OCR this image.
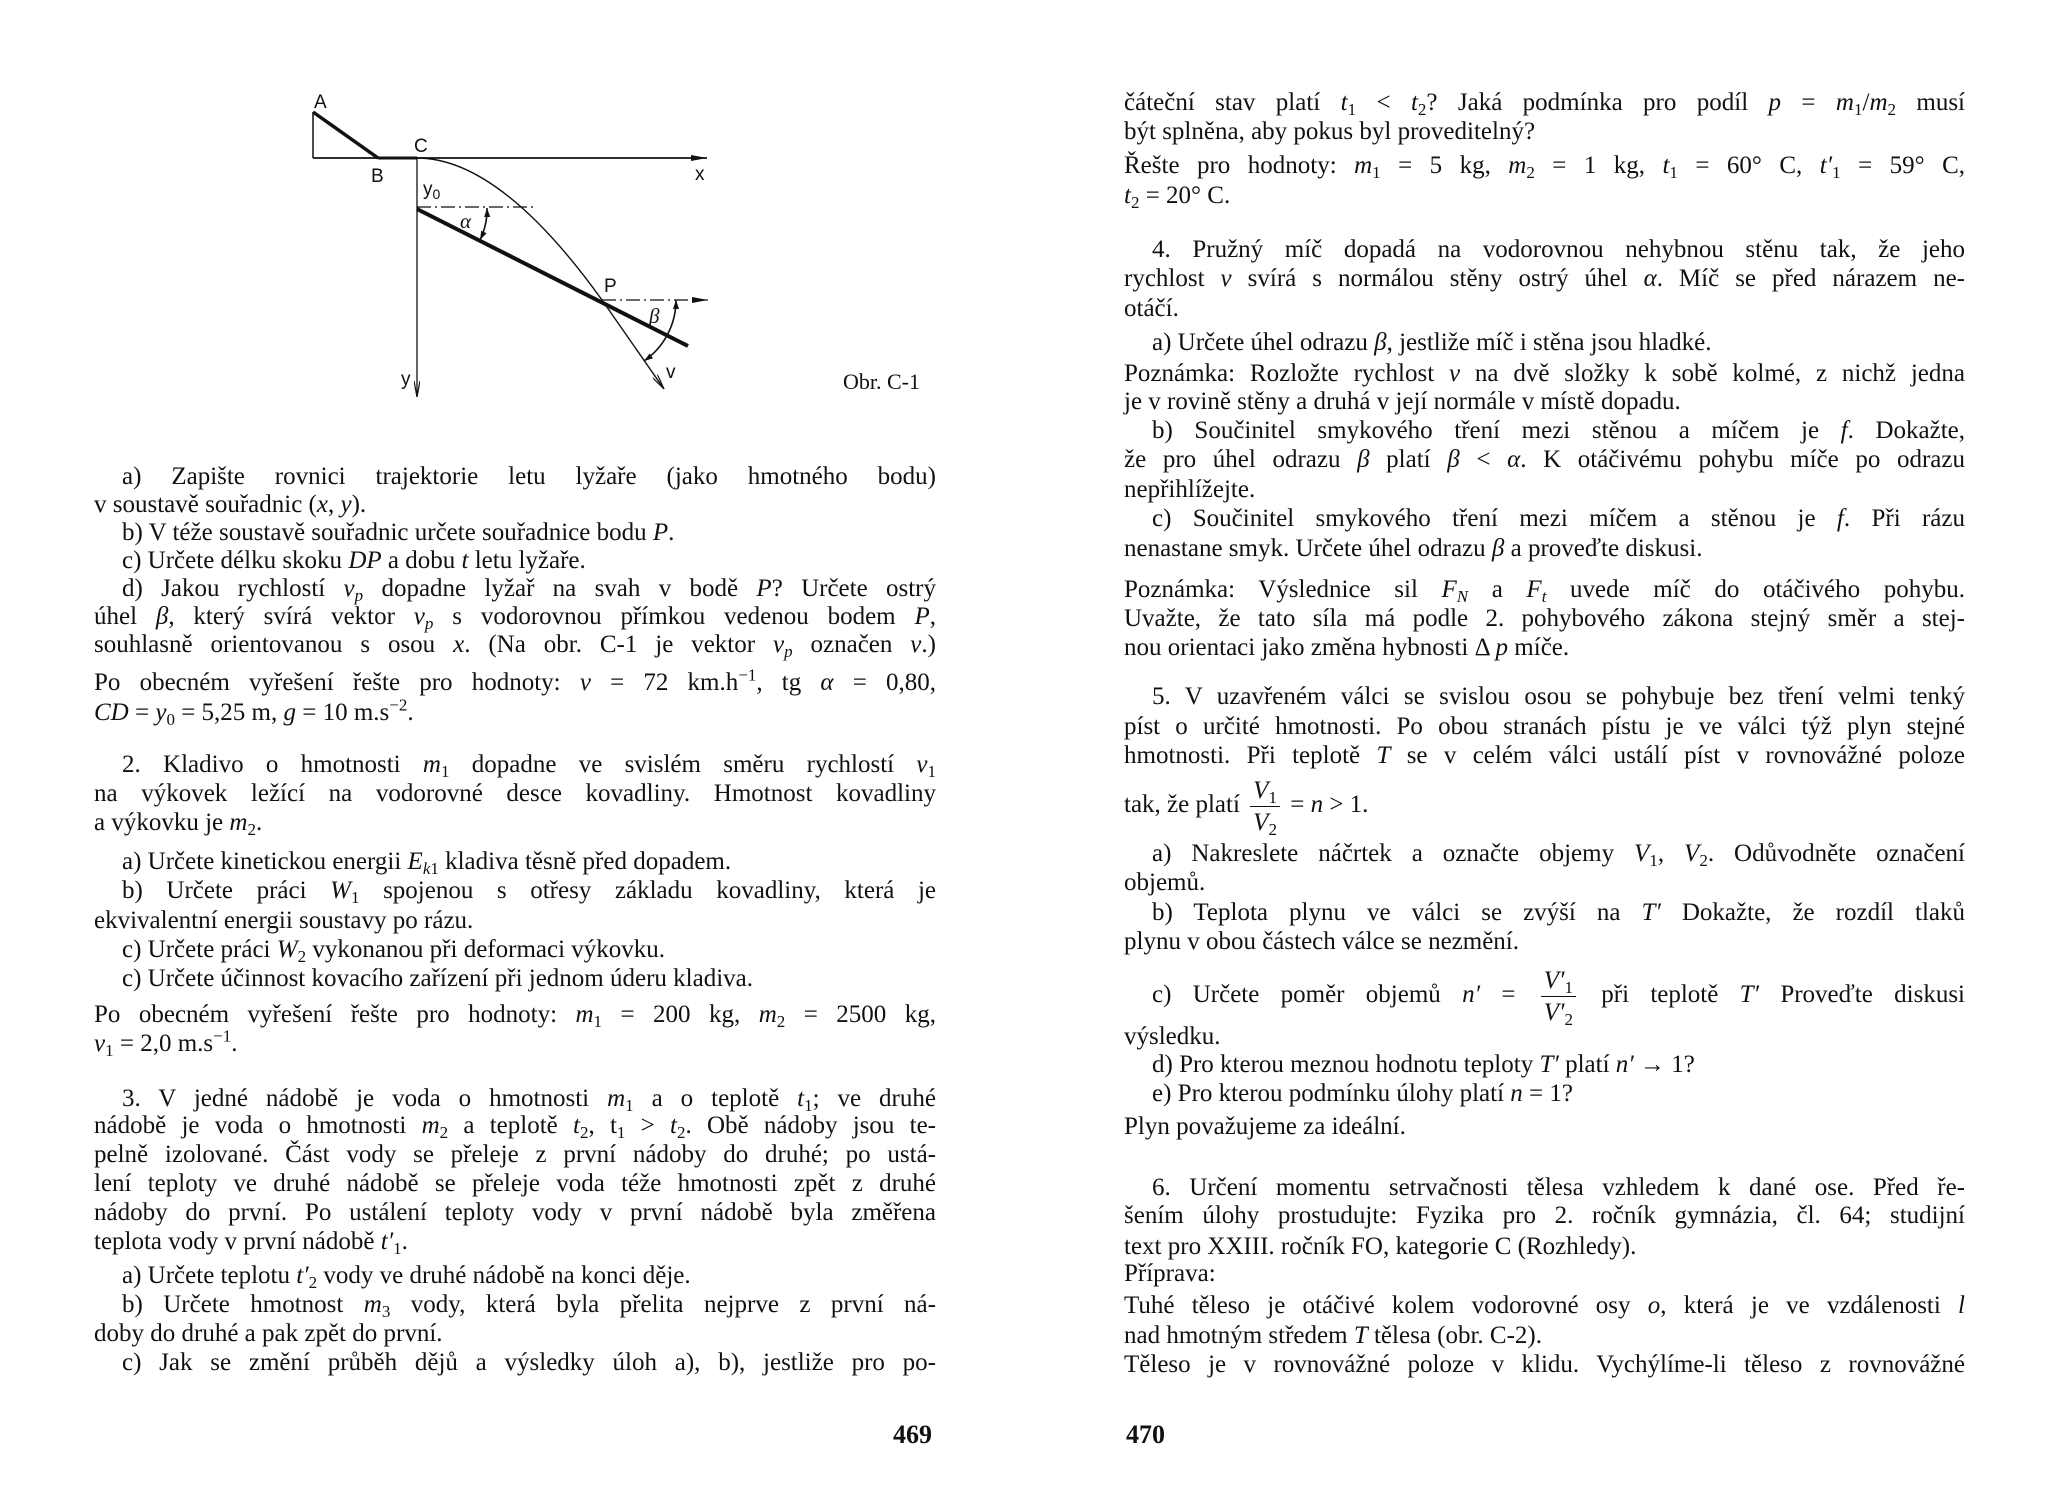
A
B
C
x
y
$y_0$
P
v
α
β
Obr. C-1
a) Zapište rovnici trajektorie letu lyžaře (jako hmotného bodu)
v soustavě souřadnic (x, y).
b) V téže soustavě souřadnic určete souřadnice bodu P.
c) Určete délku skoku DP a dobu t letu lyžaře.
d) Jakou rychlostí $v_p$ dopadne lyžař na svah v bodě P? Určete ostrý
úhel β, který svírá vektor $v_p$ s vodorovnou přímkou vedenou bodem P,
souhlasně orientovanou s osou x. (Na obr. C-1 je vektor $v_p$ označen v.)
Po obecném vyřešení řešte pro hodnoty: v = 72 $km.h^{-1}$, tg α = 0,80,
CD = $y_0 = 5,25$ m, g = 10 $m.s^{-2}$.
2. Kladivo o hmotnosti $m_1$ dopadne ve svislém směru rychlostí $v_1$
na výkovek ležící na vodorovné desce kovadliny. Hmotnost kovadliny
a výkovku je $m_2$.
a) Určete kinetickou energii $E_{k1}$ kladiva těsně před dopadem.
b) Určete práci $W_1$ spojenou s otřesy základu kovadliny, která je
ekvivalentní energii soustavy po rázu.
c) Určete práci $W_2$ vykonanou při deformaci výkovku.
c) Určete účinnost kovacího zařízení při jednom úderu kladiva.
Po obecném vyřešení řešte pro hodnoty: $m_1 = 200$ kg, $m_2 = 2500$ kg,
$v_1 = 2,0$ $m.s^{-1}$.
3. V jedné nádobě je voda o hmotnosti $m_1$ a o teplotě $t_1$; ve druhé
nádobě je voda o hmotnosti $m_2$ a teplotě $t_2$, $t_1 > t_2$. Obě nádoby jsou te-
pelně izolované. Část vody se přeleje z první nádoby do druhé; po ustá-
lení teploty ve druhé nádobě se přeleje voda téže hmotnosti zpět z druhé
nádoby do první. Po ustálení teploty vody v první nádobě byla změřena
teplota vody v první nádobě $t'_1$.
a) Určete teplotu $t'_2$ vody ve druhé nádobě na konci děje.
b) Určete hmotnost $m_3$ vody, která byla přelita nejprve z první ná-
doby do druhé a pak zpět do první.
c) Jak se změní průběh dějů a výsledky úloh a), b), jestliže pro po-
469
čáteční stav platí $t_1 < t_2$? Jaká podmínka pro podíl $p = m_1/m_2$ musí
být splněna, aby pokus byl proveditelný?
Řešte pro hodnoty: $m_1 = 5$ kg, $m_2 = 1$ kg, $t_1 = 60^\circ$ C, $t'_1 = 59^\circ$ C,
$t_2 = 20^\circ$ C.
4. Pružný míč dopadá na vodorovnou nehybnou stěnu tak, že jeho
rychlost v svírá s normálou stěny ostrý úhel α. Míč se před nárazem ne-
otáčí.
a) Určete úhel odrazu β, jestliže míč i stěna jsou hladké.
Poznámka: Rozložte rychlost v na dvě složky k sobě kolmé, z nichž jedna
je v rovině stěny a druhá v její normále v místě dopadu.
b) Součinitel smykového tření mezi stěnou a míčem je f. Dokažte,
že pro úhel odrazu β platí β < α. K otáčivému pohybu míče po odrazu
nepřihlížejte.
c) Součinitel smykového tření mezi míčem a stěnou je f. Při rázu
nenastane smyk. Určete úhel odrazu β a proveďte diskusi.
Poznámka: Výslednice sil $F_N$ a $F_t$ uvede míč do otáčivého pohybu.
Uvažte, že tato síla má podle 2. pohybového zákona stejný směr a stej-
nou orientaci jako změna hybnosti Δ p míče.
5. V uzavřeném válci se svislou osou se pohybuje bez tření velmi tenký
píst o určité hmotnosti. Po obou stranách pístu je ve válci týž plyn stejné
hmotnosti. Při teplotě T se v celém válci ustálí píst v rovnovážné poloze
tak, že platí $\frac{V_1}{V_2} = n > 1$.
a) Nakreslete náčrtek a označte objemy $V_1$, $V_2$. Odůvodněte označení
objemů.
b) Teplota plynu ve válci se zvýší na T′ Dokažte, že rozdíl tlaků
plynu v obou částech válce se nezmění.
c) Určete poměr objemů $n' = \frac{V'_1}{V'_2}$ při teplotě T′ Proveďte diskusi
výsledku.
d) Pro kterou meznou hodnotu teploty T′ platí n′ → 1?
e) Pro kterou podmínku úlohy platí n = 1?
Plyn považujeme za ideální.
6. Určení momentu setrvačnosti tělesa vzhledem k dané ose. Před ře-
šením úlohy prostudujte: Fyzika pro 2. ročník gymnázia, čl. 64; studijní
text pro XXIII. ročník FO, kategorie C (Rozhledy).
Příprava:
Tuhé těleso je otáčivé kolem vodorovné osy o, která je ve vzdálenosti l
nad hmotným středem T tělesa (obr. C-2).
Těleso je v rovnovážné poloze v klidu. Vychýlíme-li těleso z rovnovážné
470
